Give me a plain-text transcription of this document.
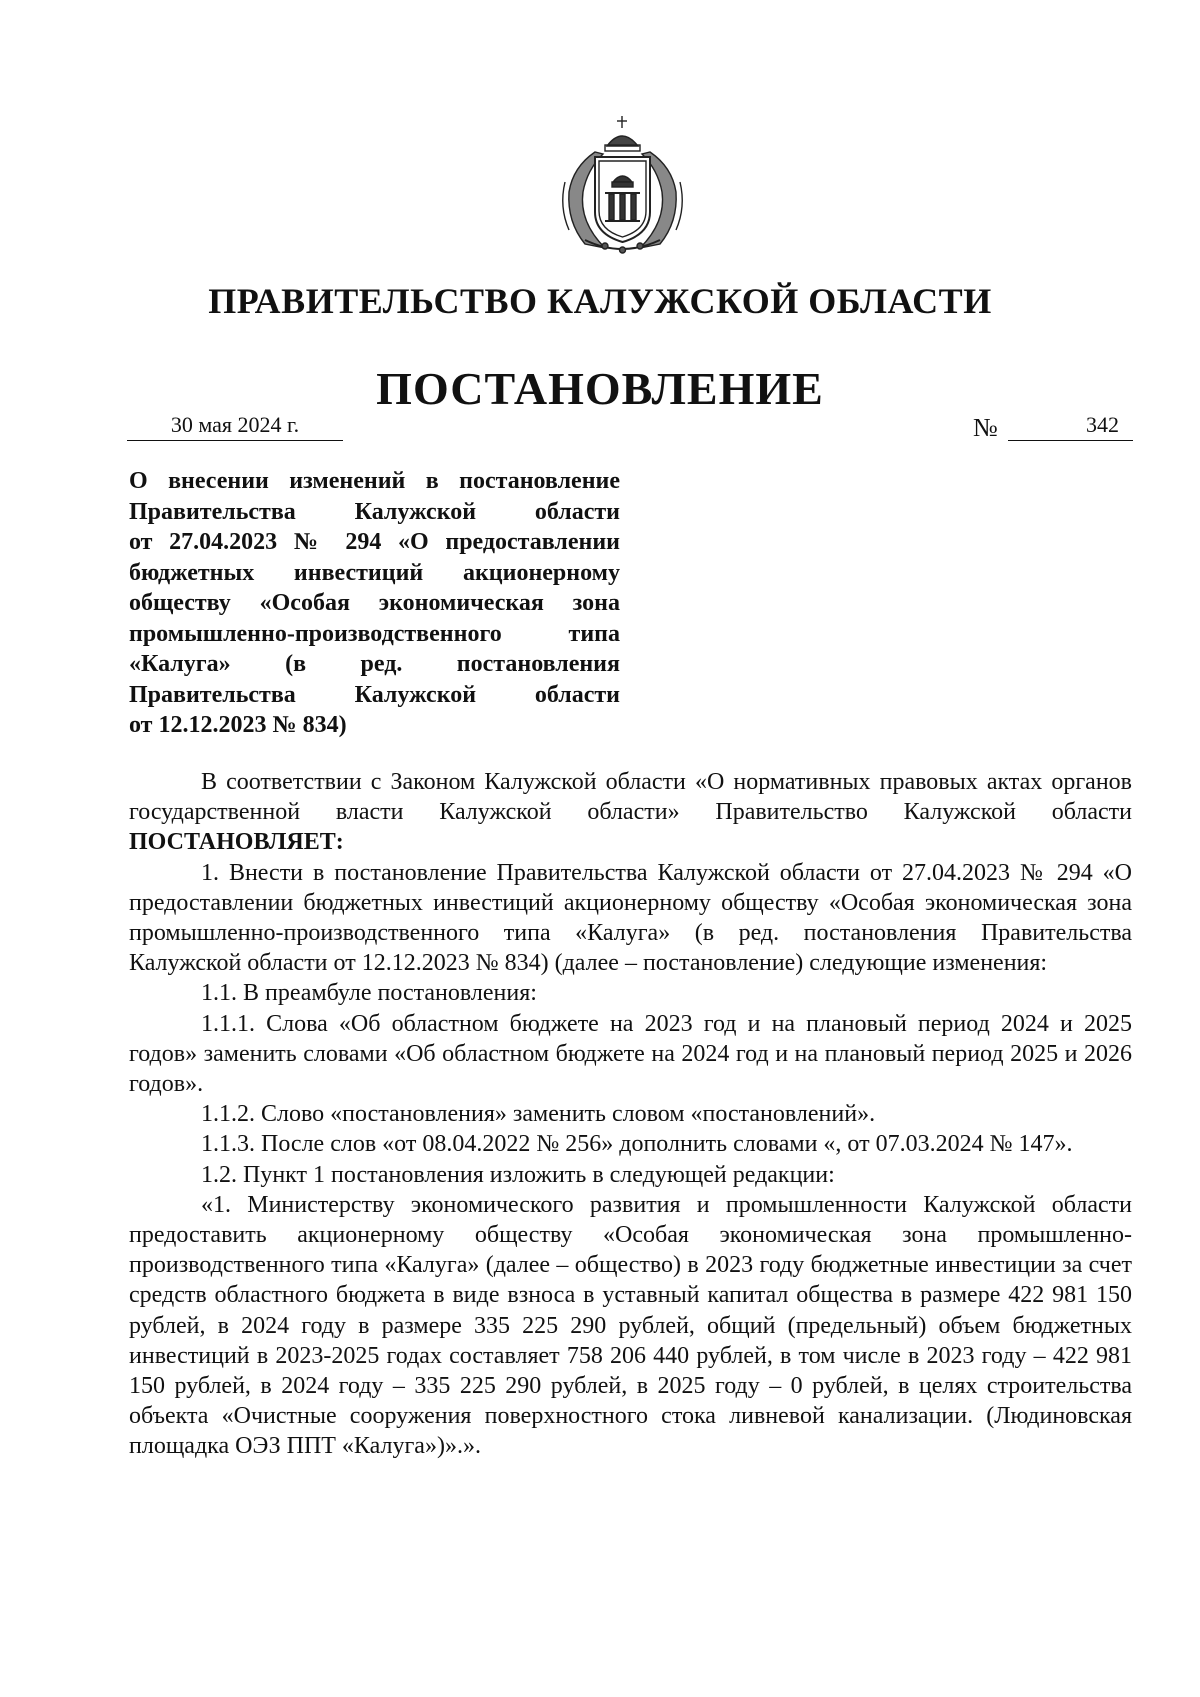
ПРАВИТЕЛЬСТВО КАЛУЖСКОЙ ОБЛАСТИ
ПОСТАНОВЛЕНИЕ
30 мая 2024 г.	№	342
О внесении изменений в постановление
Правительства Калужской области
от 27.04.2023 № 294 «О предоставлении
бюджетных инвестиций акционерному
обществу «Особая экономическая зона
промышленно-производственного типа
«Калуга» (в ред. постановления
Правительства Калужской области
от 12.12.2023 № 834)

В соответствии с Законом Калужской области «О нормативных правовых актах органов государственной власти Калужской области» Правительство Калужской области ПОСТАНОВЛЯЕТ:

1. Внести в постановление Правительства Калужской области от 27.04.2023 № 294 «О предоставлении бюджетных инвестиций акционерному обществу «Особая экономическая зона промышленно-производственного типа «Калуга» (в ред. постановления Правительства Калужской области от 12.12.2023 № 834) (далее – постановление) следующие изменения:

1.1. В преамбуле постановления:

1.1.1. Слова «Об областном бюджете на 2023 год и на плановый период 2024 и 2025 годов» заменить словами «Об областном бюджете на 2024 год и на плановый период 2025 и 2026 годов».

1.1.2. Слово «постановления» заменить словом «постановлений».

1.1.3. После слов «от 08.04.2022 № 256» дополнить словами «, от 07.03.2024 № 147».

1.2. Пункт 1 постановления изложить в следующей редакции:

«1. Министерству экономического развития и промышленности Калужской области предоставить акционерному обществу «Особая экономическая зона промышленно-производственного типа «Калуга» (далее – общество) в 2023 году бюджетные инвестиции за счет средств областного бюджета в виде взноса в уставный капитал общества в размере 422 981 150 рублей, в 2024 году в размере 335 225 290 рублей, общий (предельный) объем бюджетных инвестиций в 2023-2025 годах составляет 758 206 440 рублей, в том числе в 2023 году – 422 981 150 рублей, в 2024 году – 335 225 290 рублей, в 2025 году – 0 рублей, в целях строительства объекта «Очистные сооружения поверхностного стока ливневой канализации. (Людиновская площадка ОЭЗ ППТ «Калуга»)».».
